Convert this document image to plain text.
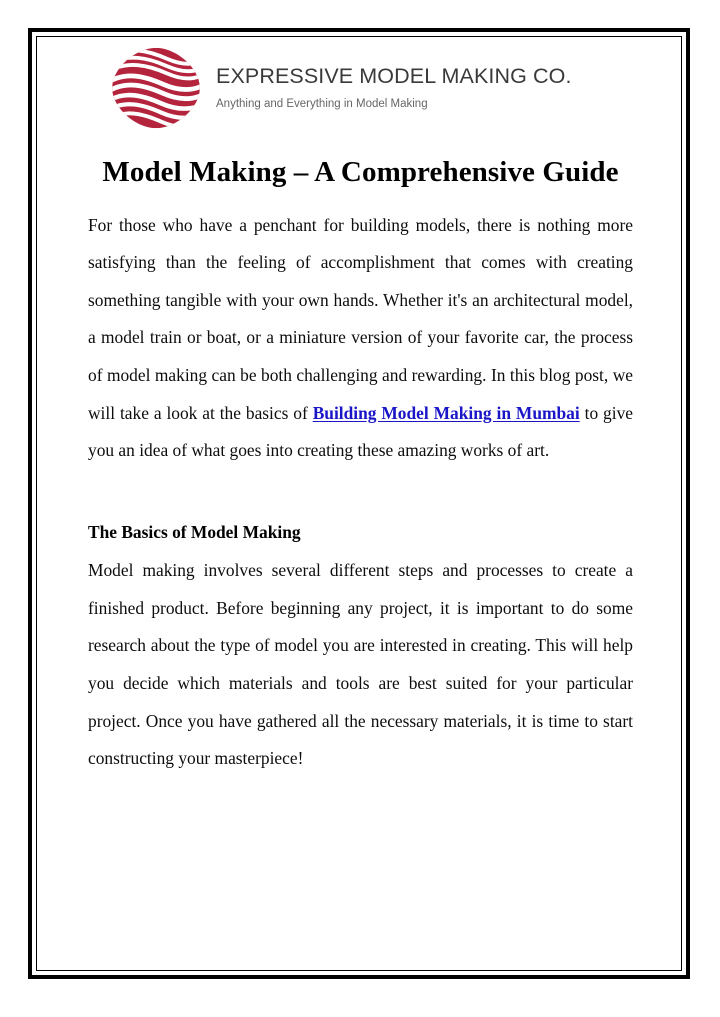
EXPRESSIVE MODEL MAKING CO.
Anything and Everything in Model Making
Model Making – A Comprehensive Guide

For those who have a penchant for building models, there is nothing more satisfying than the feeling of accomplishment that comes with creating something tangible with your own hands. Whether it's an architectural model, a model train or boat, or a miniature version of your favorite car, the process of model making can be both challenging and rewarding. In this blog post, we will take a look at the basics of Building Model Making in Mumbai to give you an idea of what goes into creating these amazing works of art.

The Basics of Model Making

Model making involves several different steps and processes to create a finished product. Before beginning any project, it is important to do some research about the type of model you are interested in creating. This will help you decide which materials and tools are best suited for your particular project. Once you have gathered all the necessary materials, it is time to start constructing your masterpiece!
